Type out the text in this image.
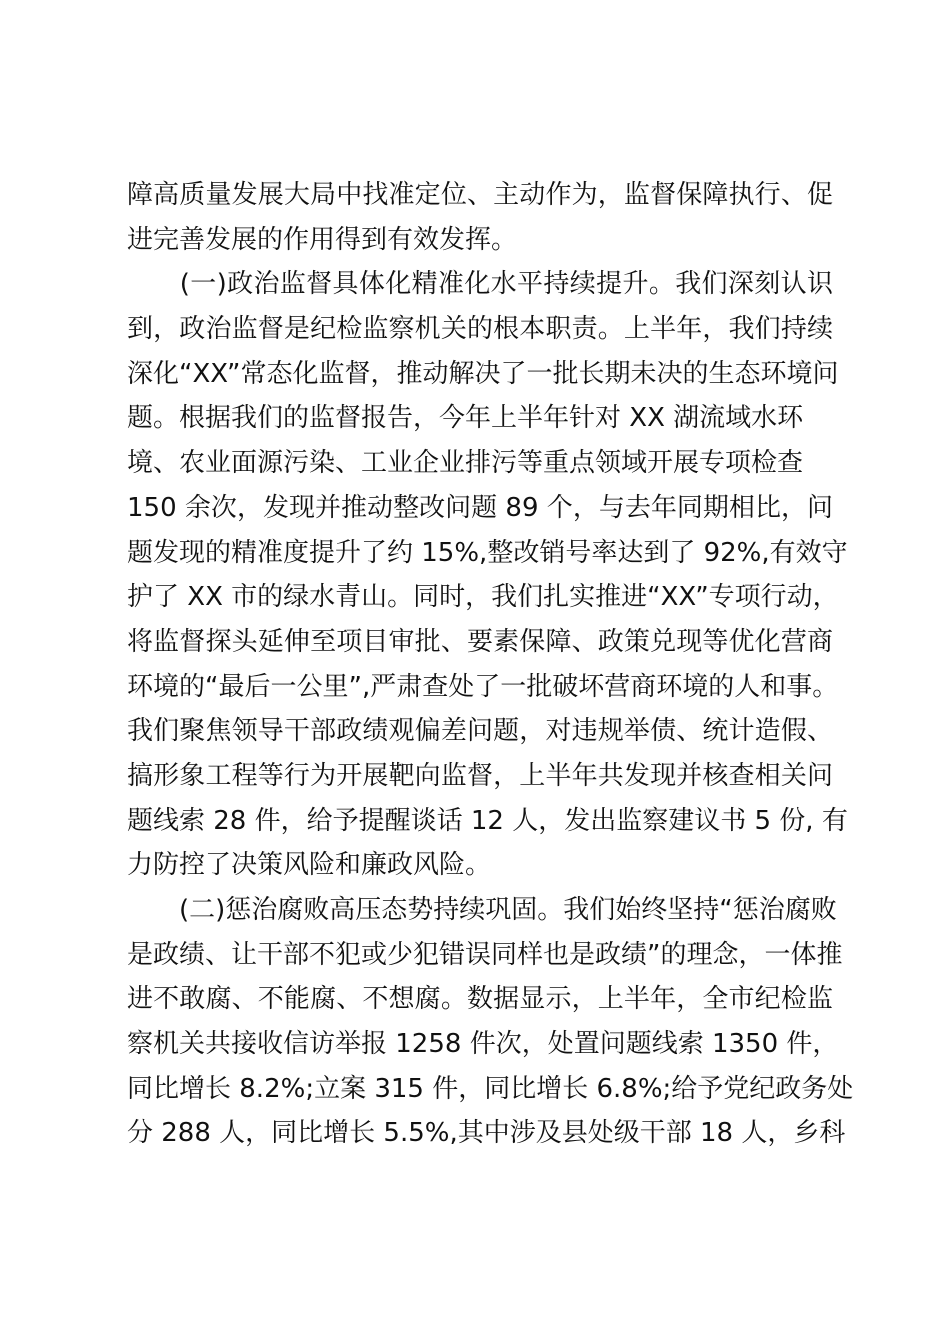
障高质量发展大局中找准定位、主动作为，监督保障执行、促
进完善发展的作用得到有效发挥。
　　(一)政治监督具体化精准化水平持续提升。我们深刻认识
到，政治监督是纪检监察机关的根本职责。上半年，我们持续
深化“XX”常态化监督，推动解决了一批长期未决的生态环境问
题。根据我们的监督报告，今年上半年针对 XX 湖流域水环
境、农业面源污染、工业企业排污等重点领域开展专项检查
150 余次，发现并推动整改问题 89 个，与去年同期相比，问
题发现的精准度提升了约 15%,整改销号率达到了 92%,有效守
护了 XX 市的绿水青山。同时，我们扎实推进“XX”专项行动，
将监督探头延伸至项目审批、要素保障、政策兑现等优化营商
环境的“最后一公里”,严肃查处了一批破坏营商环境的人和事。
我们聚焦领导干部政绩观偏差问题，对违规举债、统计造假、
搞形象工程等行为开展靶向监督，上半年共发现并核查相关问
题线索 28 件，给予提醒谈话 12 人，发出监察建议书 5 份, 有
力防控了决策风险和廉政风险。
　　(二)惩治腐败高压态势持续巩固。我们始终坚持“惩治腐败
是政绩、让干部不犯或少犯错误同样也是政绩”的理念，一体推
进不敢腐、不能腐、不想腐。数据显示，上半年，全市纪检监
察机关共接收信访举报 1258 件次，处置问题线索 1350 件，
同比增长 8.2%;立案 315 件，同比增长 6.8%;给予党纪政务处
分 288 人，同比增长 5.5%,其中涉及县处级干部 18 人，乡科
